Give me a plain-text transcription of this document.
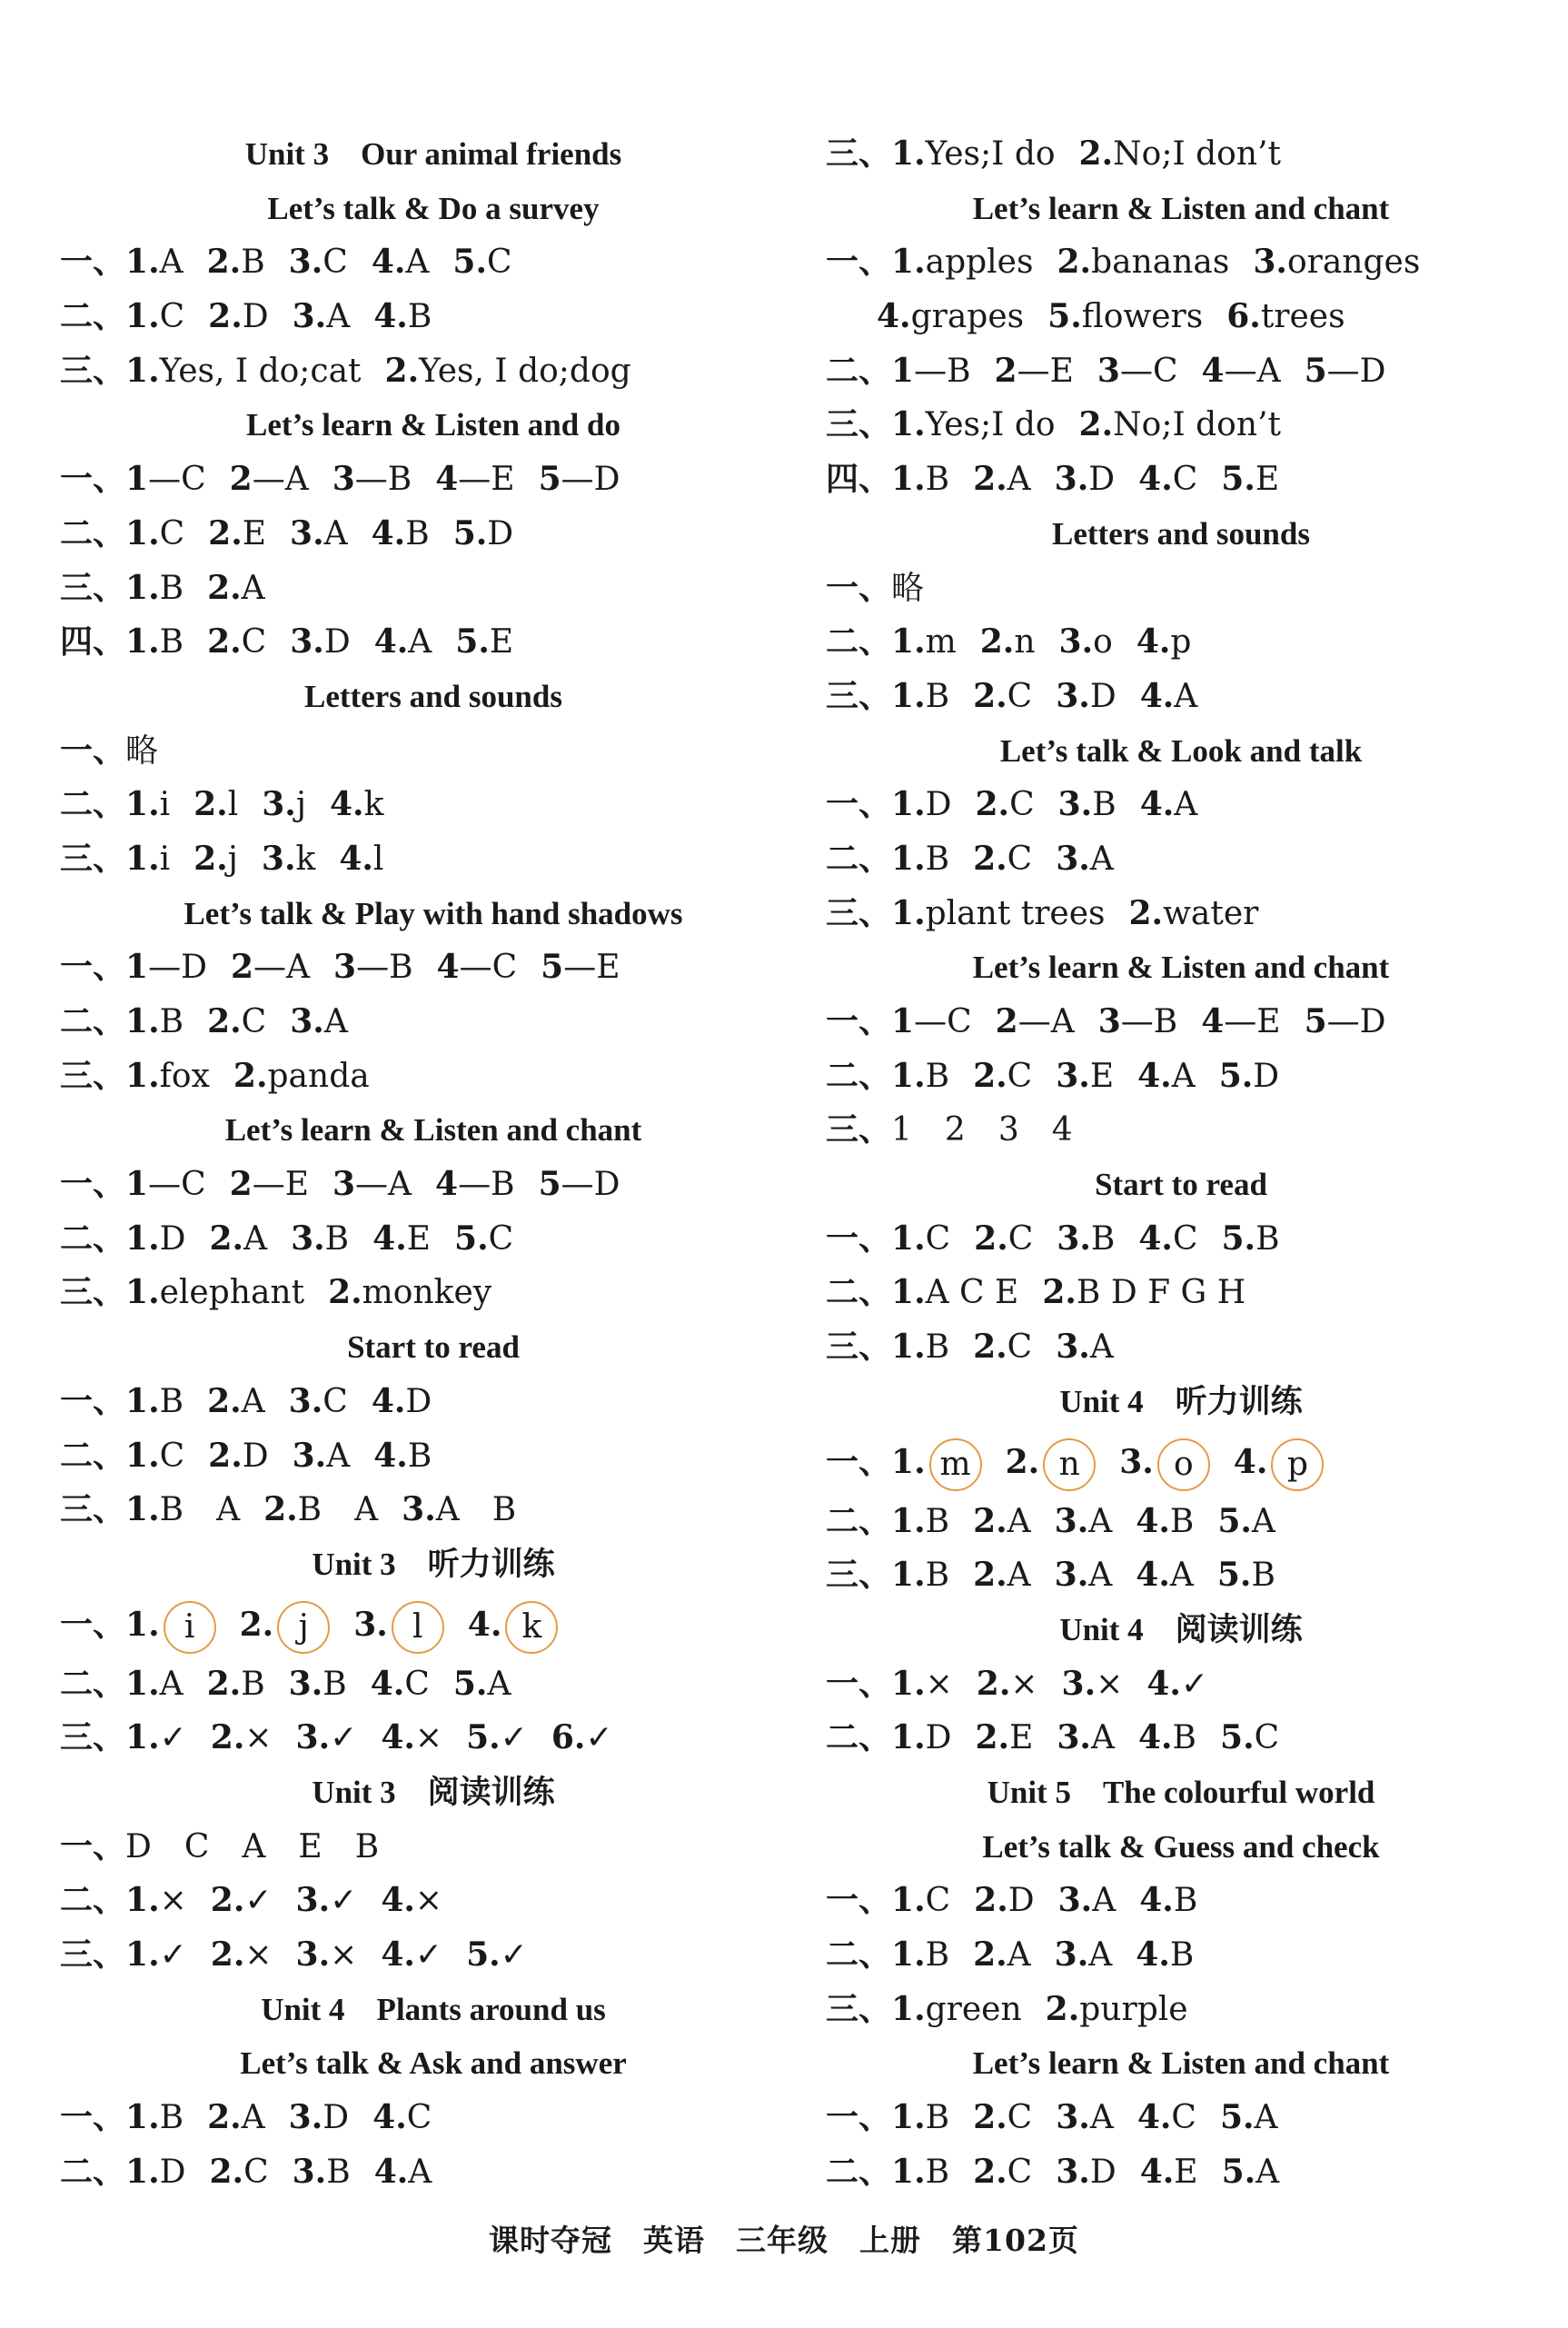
Unit 3　Our animal friends
Let’s talk & Do a survey
一、1.A 2.B 3.C 4.A 5.C
二、1.C 2.D 3.A 4.B
三、1.Yes, I do;cat 2.Yes, I do;dog
Let’s learn & Listen and do
一、1—C 2—A 3—B 4—E 5—D
二、1.C 2.E 3.A 4.B 5.D
三、1.B 2.A
四、1.B 2.C 3.D 4.A 5.E
Letters and sounds
一、略
二、1.i 2.l 3.j 4.k
三、1.i 2.j 3.k 4.l
Let’s talk & Play with hand shadows
一、1—D 2—A 3—B 4—C 5—E
二、1.B 2.C 3.A
三、1.fox 2.panda
Let’s learn & Listen and chant
一、1—C 2—E 3—A 4—B 5—D
二、1.D 2.A 3.B 4.E 5.C
三、1.elephant 2.monkey
Start to read
一、1.B 2.A 3.C 4.D
二、1.C 2.D 3.A 4.B
三、1.B　A 2.B　A 3.A　B
Unit 3　听力训练
一、1. i 2. j 3. l 4. k
二、1.A 2.B 3.B 4.C 5.A
三、1.✓ 2.× 3.✓ 4.× 5.✓ 6.✓
Unit 3　阅读训练
一、D　C　A　E　B
二、1.× 2.✓ 3.✓ 4.×
三、1.✓ 2.× 3.× 4.✓ 5.✓
Unit 4　Plants around us
Let’s talk & Ask and answer
一、1.B 2.A 3.D 4.C
二、1.D 2.C 3.B 4.A
三、1.Yes;I do 2.No;I don’t
Let’s learn & Listen and chant
一、1.apples 2.bananas 3.oranges
4.grapes 5.flowers 6.trees
二、1—B 2—E 3—C 4—A 5—D
三、1.Yes;I do 2.No;I don’t
四、1.B 2.A 3.D 4.C 5.E
Letters and sounds
一、略
二、1.m 2.n 3.o 4.p
三、1.B 2.C 3.D 4.A
Let’s talk & Look and talk
一、1.D 2.C 3.B 4.A
二、1.B 2.C 3.A
三、1.plant trees 2.water
Let’s learn & Listen and chant
一、1—C 2—A 3—B 4—E 5—D
二、1.B 2.C 3.E 4.A 5.D
三、1　2　3　4
Start to read
一、1.C 2.C 3.B 4.C 5.B
二、1.A C E 2.B D F G H
三、1.B 2.C 3.A
Unit 4　听力训练
一、1. m 2. n 3. o 4. p
二、1.B 2.A 3.A 4.B 5.A
三、1.B 2.A 3.A 4.A 5.B
Unit 4　阅读训练
一、1.× 2.× 3.× 4.✓
二、1.D 2.E 3.A 4.B 5.C
Unit 5　The colourful world
Let’s talk & Guess and check
一、1.C 2.D 3.A 4.B
二、1.B 2.A 3.A 4.B
三、1.green 2.purple
Let’s learn & Listen and chant
一、1.B 2.C 3.A 4.C 5.A
二、1.B 2.C 3.D 4.E 5.A
课时夺冠　英语　三年级　上册　第102页
